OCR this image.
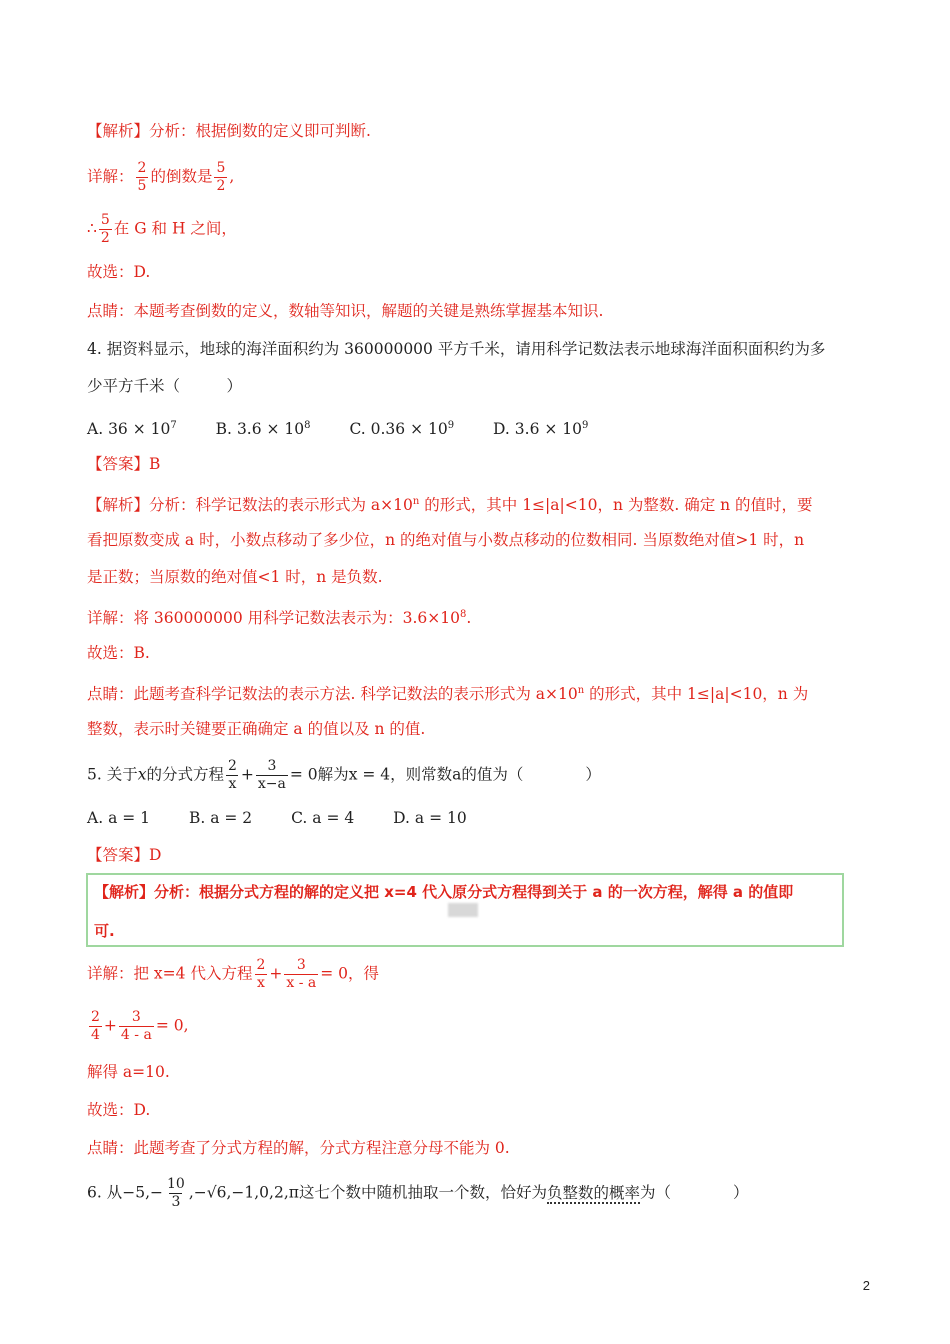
【解析】分析：根据倒数的定义即可判断.
详解： $\frac{2}{5}$ 的倒数是 $\frac{5}{2}$ ,
∴ $\frac{5}{2}$ 在 G 和 H 之间，
故选：D.
点睛：本题考查倒数的定义，数轴等知识，解题的关键是熟练掌握基本知识.
4. 据资料显示，地球的海洋面积约为 360000000 平方千米，请用科学记数法表示地球海洋面积面积约为多
少平方千米（　　　）
A. $36 \times 10^7$	B. $3.6 \times 10^8$	C. $0.36 \times 10^9$	D. $3.6 \times 10^9$
【答案】B
【解析】分析：科学记数法的表示形式为 $a\times 10^n$ 的形式，其中 1≤|a|<10，n 为整数. 确定 n 的值时，要
看把原数变成 a 时，小数点移动了多少位，n 的绝对值与小数点移动的位数相同. 当原数绝对值>1 时，n
是正数；当原数的绝对值<1 时，n 是负数.
详解：将 360000000 用科学记数法表示为：$3.6\times 10^8$.
故选：B.
点睛：此题考查科学记数法的表示方法. 科学记数法的表示形式为 $a\times 10^n$ 的形式，其中 1≤|a|<10，n 为
整数，表示时关键要正确确定 a 的值以及 n 的值.
5. 关于x的分式方程 $\frac{2}{x} + \frac{3}{x-a} = 0$解为x = 4，则常数a的值为（　　　　）
A. a = 1	B. a = 2	C. a = 4	D. a = 10
【答案】D
【解析】分析：根据分式方程的解的定义把 x=4 代入原分式方程得到关于 a 的一次方程，解得 a 的值即
可.
详解：把 x=4 代入方程 $\frac{2}{x} + \frac{3}{x - a} = 0$，得
$\frac{2}{4} + \frac{3}{4 - a} = 0$,
解得 a=10.
故选：D.
点睛：此题考查了分式方程的解，分式方程注意分母不能为 0.
6. 从$-5,- \frac{10}{3} ,-√6,-1,0,2,\pi$这七个数中随机抽取一个数，恰好为负整数的概率为（　　　　）
2
